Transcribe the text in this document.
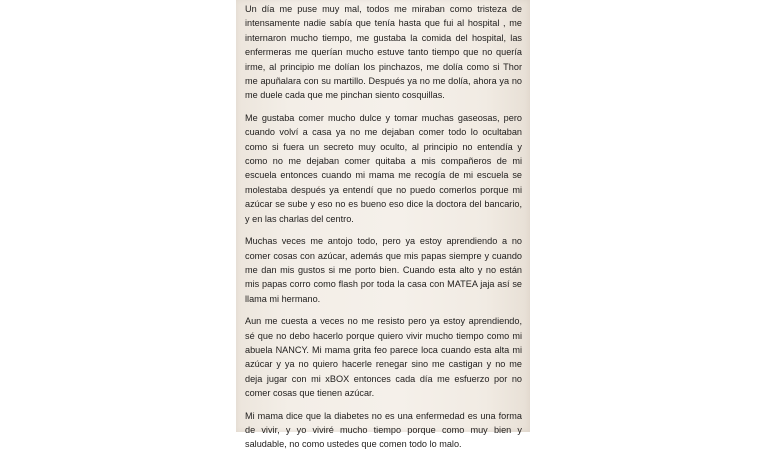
Un día me puse muy mal, todos me miraban como tristeza de intensamente nadie sabía que tenía hasta que fui al hospital , me internaron mucho tiempo, me gustaba la comida del hospital, las enfermeras me querían mucho estuve tanto tiempo que no quería irme, al principio me dolían los pinchazos, me dolía como si Thor me apuñalara con su martillo. Después ya no me dolía, ahora ya no me duele cada que me pinchan siento cosquillas.

Me gustaba comer mucho dulce y tomar muchas gaseosas, pero cuando volví a casa ya no me dejaban comer todo lo ocultaban como si fuera un secreto muy oculto, al principio no entendía y como no me dejaban comer quitaba a mis compañeros de mi escuela entonces cuando mi mama me recogía de mi escuela se molestaba después ya entendí que no puedo comerlos porque mi azúcar se sube y eso no es bueno eso dice la doctora del bancario, y en las charlas del centro.

Muchas veces me antojo todo, pero ya estoy aprendiendo a no comer cosas con azúcar, además que mis papas siempre y cuando me dan mis gustos si me porto bien. Cuando esta alto y no están mis papas corro como flash por toda la casa con MATEA jaja así se llama mi hermano.

Aun me cuesta a veces no me resisto pero ya estoy aprendiendo, sé que no debo hacerlo porque quiero vivir mucho tiempo como mi abuela NANCY. Mi mama grita feo parece loca cuando esta alta mi azúcar y ya no quiero hacerle renegar sino me castigan y no me deja jugar con mi xBOX entonces cada día me esfuerzo por no comer cosas que tienen azúcar.

Mi mama dice que la diabetes no es una enfermedad es una forma de vivir, y yo viviré mucho tiempo porque como muy bien y saludable, no como ustedes que comen todo lo malo.
